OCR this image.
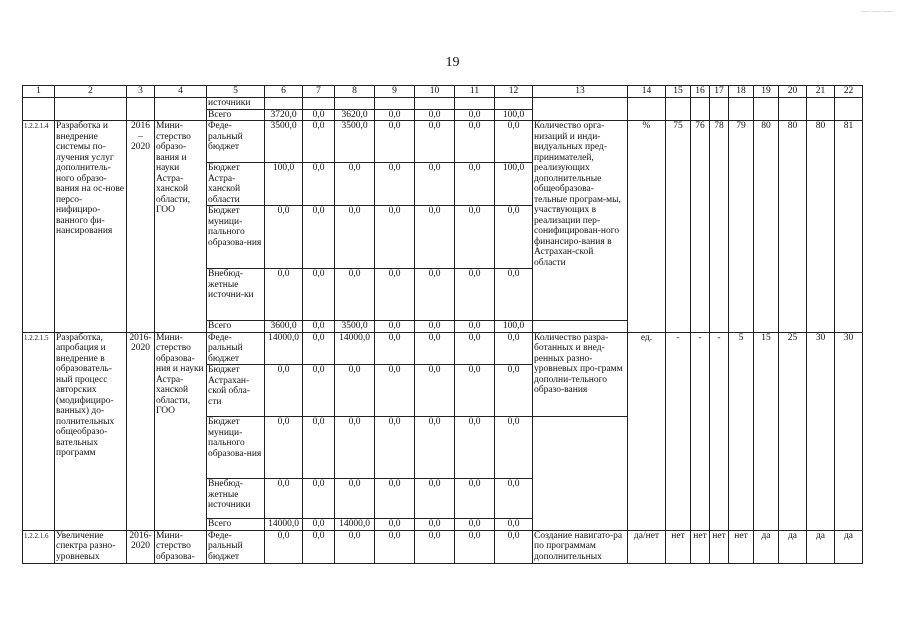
— — —
19
1	2	3	4	5	6	7	8	9	10	11	12	13	14	15	16	17	18	19	20	21	22
				источники																	
				Всего	3720,0	0,0	3620,0	0,0	0,0	0,0	100,0										
1.2.2.1.4	Разработка и внедрение системы по-лучения услуг дополнитель-ного образо-вания на ос-нове персо-нифициро-ванного фи-нансирования	2016 – 2020	Мини-стерство образо-вания и науки Астра-ханской области, ГОО	Феде-ральный бюджет	3500,0	0,0	3500,0	0,0	0,0	0,0	0,0	Количество орга-низаций и инди-видуальных пред-принимателей, реализующих дополнительные общеобразова-тельные програм-мы, участвующих в реализации пер-сонифицирован-ного финансиро-вания в Астрахан-ской области	%	75	76	78	79	80	80	80	81
				Бюджет Астра-ханской области	100,0	0,0	0,0	0,0	0,0	0,0	100,0										
				Бюджет муници-пального образова-ния	0,0	0,0	0,0	0,0	0,0	0,0	0,0										
				Внебюд-жетные источни-ки	0,0	0,0	0,0	0,0	0,0	0,0	0,0										
				Всего	3600,0	0,0	3500,0	0,0	0,0	0,0	100,0										
1.2.2.1.5	Разработка, апробация и внедрение в образователь-ный процесс авторских (модифициро-ванных) до-полнительных общеобразо-вательных программ	2016-2020	Мини-стерство образова-ния и науки Астра-ханской области, ГОО	Феде-ральный бюджет	14000,0	0,0	14000,0	0,0	0,0	0,0	0,0	Количество разра-ботанных и внед-ренных разно-уровневых про-грамм дополни-тельного образо-вания	ед.	-	-	-	5	15	25	30	30
				Бюджет Астрахан-ской обла-сти	0,0	0,0	0,0	0,0	0,0	0,0	0,0										
				Бюджет муници-пального образова-ния	0,0	0,0	0,0	0,0	0,0	0,0	0,0										
				Внебюд-жетные источники	0,0	0,0	0,0	0,0	0,0	0,0	0,0										
				Всего	14000,0	0,0	14000,0	0,0	0,0	0,0	0,0										
1.2.2.1.6	Увеличение спектра разно-уровневых	2016-2020	Мини-стерство образова-	Феде-ральный бюджет	0,0	0,0	0,0	0,0	0,0	0,0	0,0	Создание навигато-ра по программам дополнительных	да/нет	нет	нет	нет	нет	да	да	да	да
